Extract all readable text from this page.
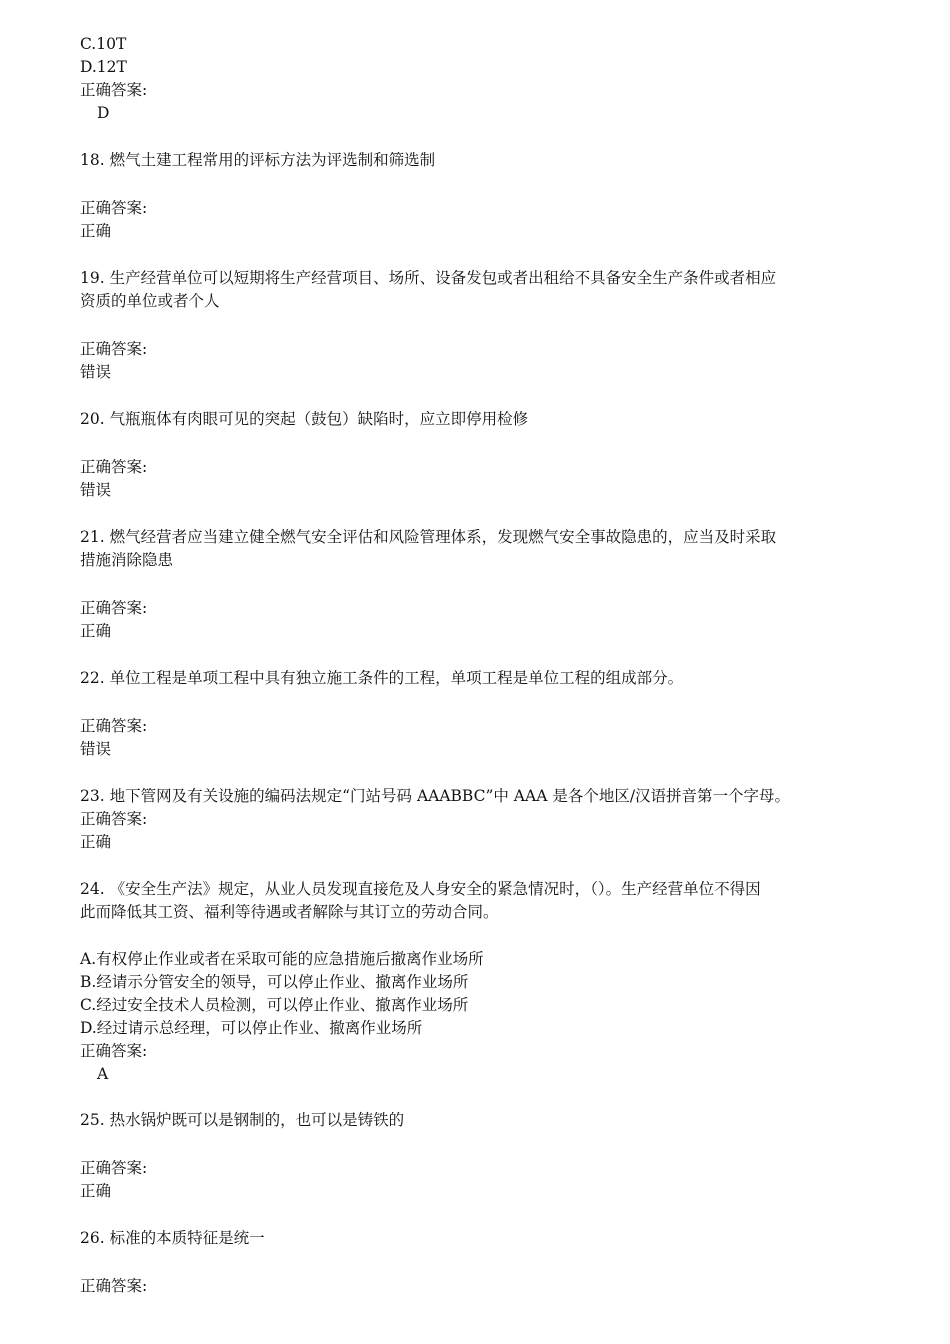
C.10T
D.12T
正确答案:
D
18. 燃气土建工程常用的评标方法为评选制和筛选制
正确答案:
正确
19. 生产经营单位可以短期将生产经营项目、场所、设备发包或者出租给不具备安全生产条件或者相应
资质的单位或者个人
正确答案:
错误
20. 气瓶瓶体有肉眼可见的突起（鼓包）缺陷时，应立即停用检修
正确答案:
错误
21. 燃气经营者应当建立健全燃气安全评估和风险管理体系，发现燃气安全事故隐患的，应当及时采取
措施消除隐患
正确答案:
正确
22. 单位工程是单项工程中具有独立施工条件的工程，单项工程是单位工程的组成部分。
正确答案:
错误
23. 地下管网及有关设施的编码法规定“门站号码 AAABBC”中 AAA 是各个地区/汉语拼音第一个字母。
正确答案:
正确
24. 《安全生产法》规定，从业人员发现直接危及人身安全的紧急情况时，（）。生产经营单位不得因
此而降低其工资、福利等待遇或者解除与其订立的劳动合同。
A.有权停止作业或者在采取可能的应急措施后撤离作业场所
B.经请示分管安全的领导，可以停止作业、撤离作业场所
C.经过安全技术人员检测，可以停止作业、撤离作业场所
D.经过请示总经理，可以停止作业、撤离作业场所
正确答案:
A
25. 热水锅炉既可以是钢制的，也可以是铸铁的
正确答案:
正确
26. 标准的本质特征是统一
正确答案:
